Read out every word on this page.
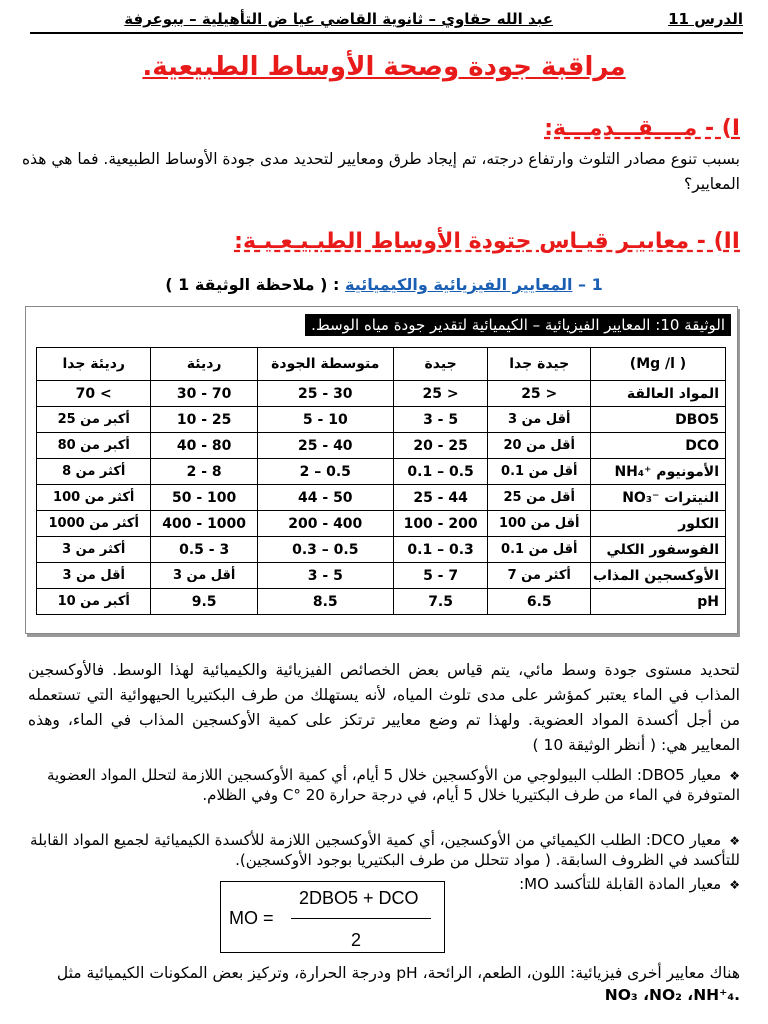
الدرس 11
عبد الله حقاوي – ثانوية القاضي عيا ض التأهيلية – ببوعرفة
مراقبة جودة وصحة الأوساط الطبيعية.
I) - مــــقـــدمـــة:
بسبب تنوع مصادر التلوث وارتفاع درجته، تم إيجاد طرق ومعايير لتحديد مدى جودة الأوساط الطبيعية. فما هي هذه المعايير؟
II) - معاييـر قيـاس جتودة الأوساط الطبـيـعـيـة:
1 – المعايير الفيزيائية والكيميائية : ( ملاحظة الوثيقة 1 )
الوثيقة 10: المعايير الفيزيائية – الكيميائية لتقدير جودة مياه الوسط.
( Mg /l)	جيدة جدا	جيدة	متوسطة الجودة	رديئة	رديئة جدا
المواد العالقة	< 25	< 25	30 - 25	70 - 30	> 70
DBO5	أقل من 3	5 - 3	10 - 5	25 - 10	أكبر من 25
DCO	أقل من 20	25 - 20	40 - 25	80 - 40	أكبر من 80
الأمونيوم ⁺NH₄	أقل من 0.1	0.5 – 0.1	0.5 – 2	8 - 2	أكثر من 8
النيترات ⁻NO₃	أقل من 25	44 - 25	50 - 44	100 - 50	أكثر من 100
الكلور	أقل من 100	200 - 100	400 - 200	1000 - 400	أكثر من 1000
الفوسفور الكلي	أقل من 0.1	0.3 – 0.1	0.5 – 0.3	3 - 0.5	أكثر من 3
الأوكسجين المذاب	أكثر من 7	7 - 5	5 - 3	أقل من 3	أقل من 3
pH	6.5	7.5	8.5	9.5	أكبر من 10
لتحديد مستوى جودة وسط مائي، يتم قياس بعض الخصائص الفيزيائية والكيميائية لهذا الوسط. فالأوكسجين المذاب في الماء يعتبر كمؤشر على مدى تلوث المياه، لأنه يستهلك من طرف البكتيريا الحيهوائية التي تستعمله من أجل أكسدة المواد العضوية. ولهذا تم وضع معايير ترتكز على كمية الأوكسجين المذاب في الماء، وهذه المعايير هي: ( أنظر الوثيقة 10 )
❖ معيار DBO5: الطلب البيولوجي من الأوكسجين خلال 5 أيام، أي كمية الأوكسجين اللازمة لتحلل المواد العضوية المتوفرة في الماء من طرف البكتيريا خلال 5 أيام، في درجة حرارة 20 °C وفي الظلام.
❖ معيار DCO: الطلب الكيميائي من الأوكسجين، أي كمية الأوكسجين اللازمة للأكسدة الكيميائية لجميع المواد القابلة للتأكسد في الظروف السابقة. ( مواد تتحلل من طرف البكتيريا بوجود الأوكسجين).
❖ معيار المادة القابلة للتأكسد MO:
MO =
2DBO5 + DCO
2
هناك معايير أخرى فيزيائية: اللون، الطعم، الرائحة، pH ودرجة الحرارة، وتركيز بعض المكونات الكيميائية مثل NO₃ ،NO₂ ،NH⁺₄.
